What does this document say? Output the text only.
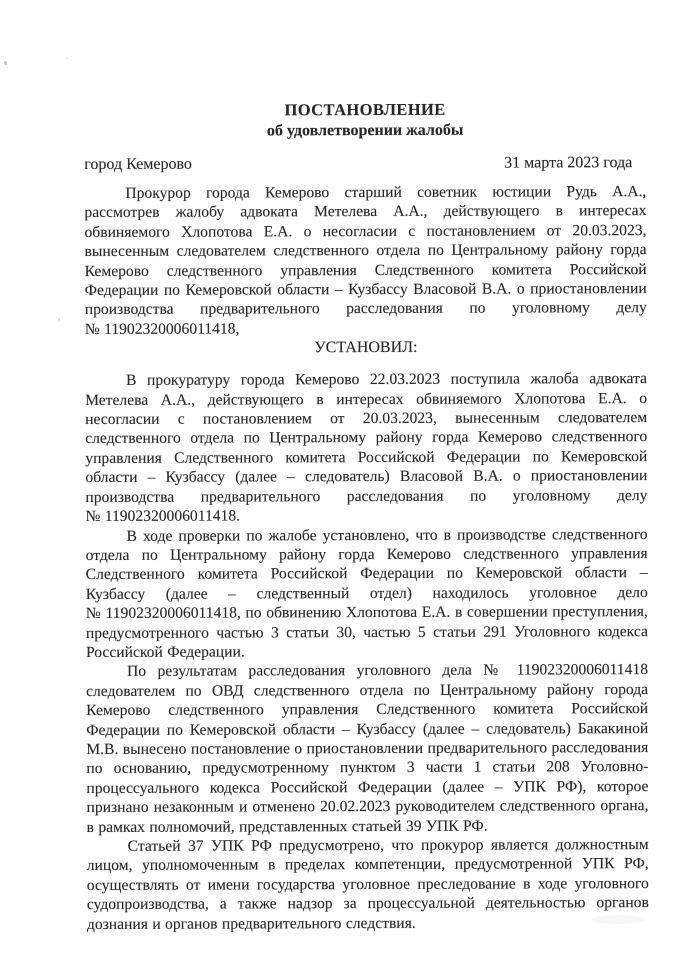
ПОСТАНОВЛЕНИЕ
об удовлетворении жалобы
город Кемерово	31 марта 2023 года

Прокурор города Кемерово старший советник юстиции Рудь А.А., рассмотрев жалобу адвоката Метелева А.А., действующего в интересах обвиняемого Хлопотова Е.А. о несогласии с постановлением от 20.03.2023, вынесенным следователем следственного отдела по Центральному району горда Кемерово следственного управления Следственного комитета Российской Федерации по Кемеровской области – Кузбассу Власовой В.А. о приостановлении производства предварительного расследования по уголовному делу № 11902320006011418,

УСТАНОВИЛ:

В прокуратуру города Кемерово 22.03.2023 поступила жалоба адвоката Метелева А.А., действующего в интересах обвиняемого Хлопотова Е.А. о несогласии с постановлением от 20.03.2023, вынесенным следователем следственного отдела по Центральному району горда Кемерово следственного управления Следственного комитета Российской Федерации по Кемеровской области – Кузбассу (далее – следователь) Власовой В.А. о приостановлении производства предварительного расследования по уголовному делу № 11902320006011418.

В ходе проверки по жалобе установлено, что в производстве следственного отдела по Центральному району горда Кемерово следственного управления Следственного комитета Российской Федерации по Кемеровской области – Кузбассу (далее – следственный отдел) находилось уголовное дело № 11902320006011418, по обвинению Хлопотова Е.А. в совершении преступления, предусмотренного частью 3 статьи 30, частью 5 статьи 291 Уголовного кодекса Российской Федерации.

По результатам расследования уголовного дела № 11902320006011418 следователем по ОВД следственного отдела по Центральному району города Кемерово следственного управления Следственного комитета Российской Федерации по Кемеровской области – Кузбассу (далее – следователь) Бакакиной М.В. вынесено постановление о приостановлении предварительного расследования по основанию, предусмотренному пунктом 3 части 1 статьи 208 Уголовно-процессуального кодекса Российской Федерации (далее – УПК РФ), которое признано незаконным и отменено 20.02.2023 руководителем следственного органа, в рамках полномочий, представленных статьей 39 УПК РФ.

Статьей 37 УПК РФ предусмотрено, что прокурор является должностным лицом, уполномоченным в пределах компетенции, предусмотренной УПК РФ, осуществлять от имени государства уголовное преследование в ходе уголовного судопроизводства, а также надзор за процессуальной деятельностью органов дознания и органов предварительного следствия.
